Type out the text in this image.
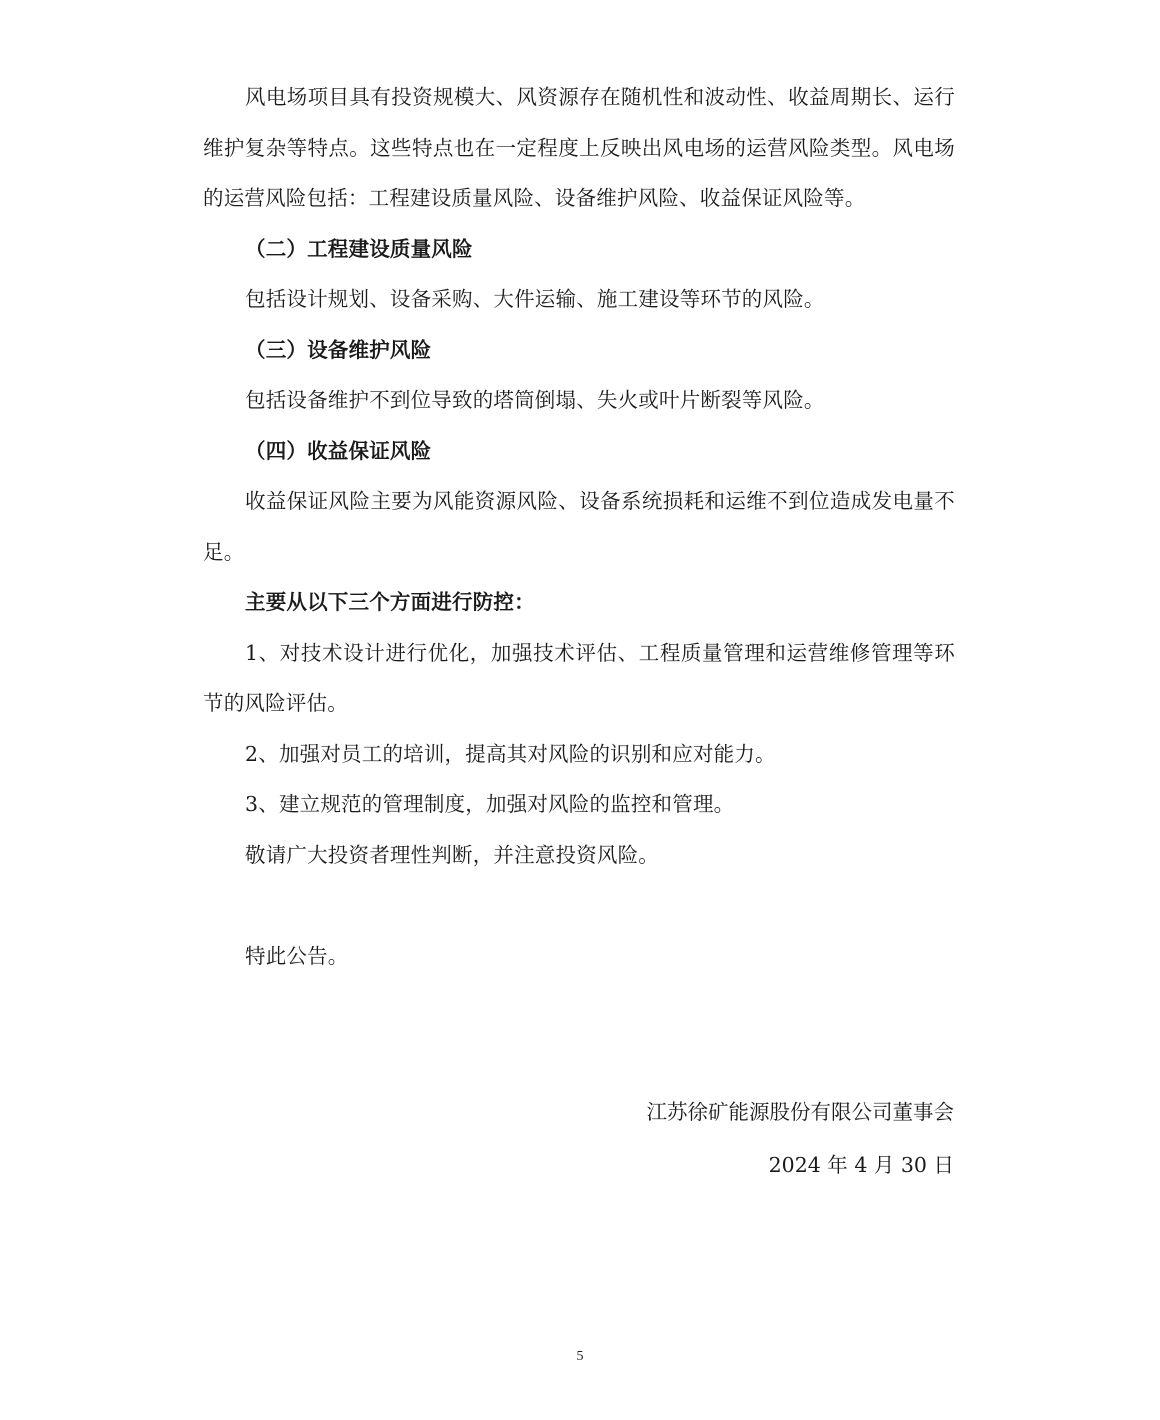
风电场项目具有投资规模大、风资源存在随机性和波动性、收益周期长、运行维护复杂等特点。这些特点也在一定程度上反映出风电场的运营风险类型。风电场的运营风险包括：工程建设质量风险、设备维护风险、收益保证风险等。

（二）工程建设质量风险

包括设计规划、设备采购、大件运输、施工建设等环节的风险。

（三）设备维护风险

包括设备维护不到位导致的塔筒倒塌、失火或叶片断裂等风险。

（四）收益保证风险

收益保证风险主要为风能资源风险、设备系统损耗和运维不到位造成发电量不足。

主要从以下三个方面进行防控：

1、对技术设计进行优化，加强技术评估、工程质量管理和运营维修管理等环节的风险评估。

2、加强对员工的培训，提高其对风险的识别和应对能力。

3、建立规范的管理制度，加强对风险的监控和管理。

敬请广大投资者理性判断，并注意投资风险。

特此公告。

江苏徐矿能源股份有限公司董事会
2024 年 4 月 30 日
5
